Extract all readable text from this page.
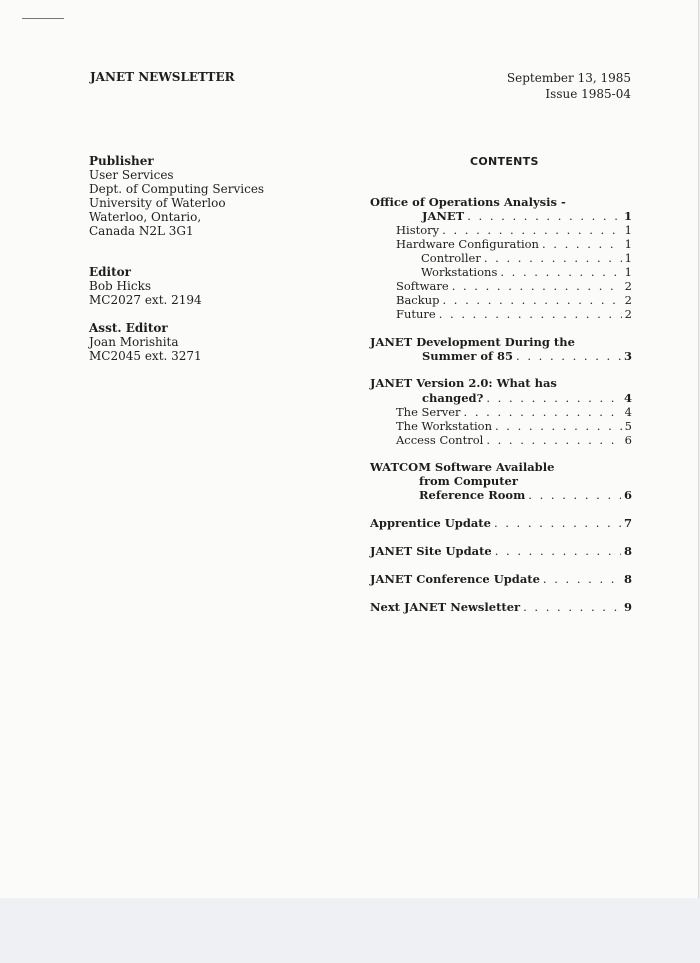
JANET NEWSLETTER	September 13, 1985
Issue 1985-04
Publisher
User Services
Dept. of Computing Services
University of Waterloo
Waterloo, Ontario,
Canada N2L 3G1
Editor
Bob Hicks
MC2027 ext. 2194
Asst. Editor
Joan Morishita
MC2045 ext. 3271
CONTENTS
Office of Operations Analysis -
JANET . . .	1
History . . .	1
Hardware Configuration . . .	1
Controller . . .	1
Workstations . . .	1
Software . . .	2
Backup . . .	2
Future . . .	2
JANET Development During the
Summer of 85 . . .	3
JANET Version 2.0: What has
changed? . . .	4
The Server . . .	4
The Workstation . . .	5
Access Control . . .	6
WATCOM Software Available
from Computer
Reference Room . . .	6
Apprentice Update . . .	7
JANET Site Update . . .	8
JANET Conference Update . . .	8
Next JANET Newsletter . . .	9
